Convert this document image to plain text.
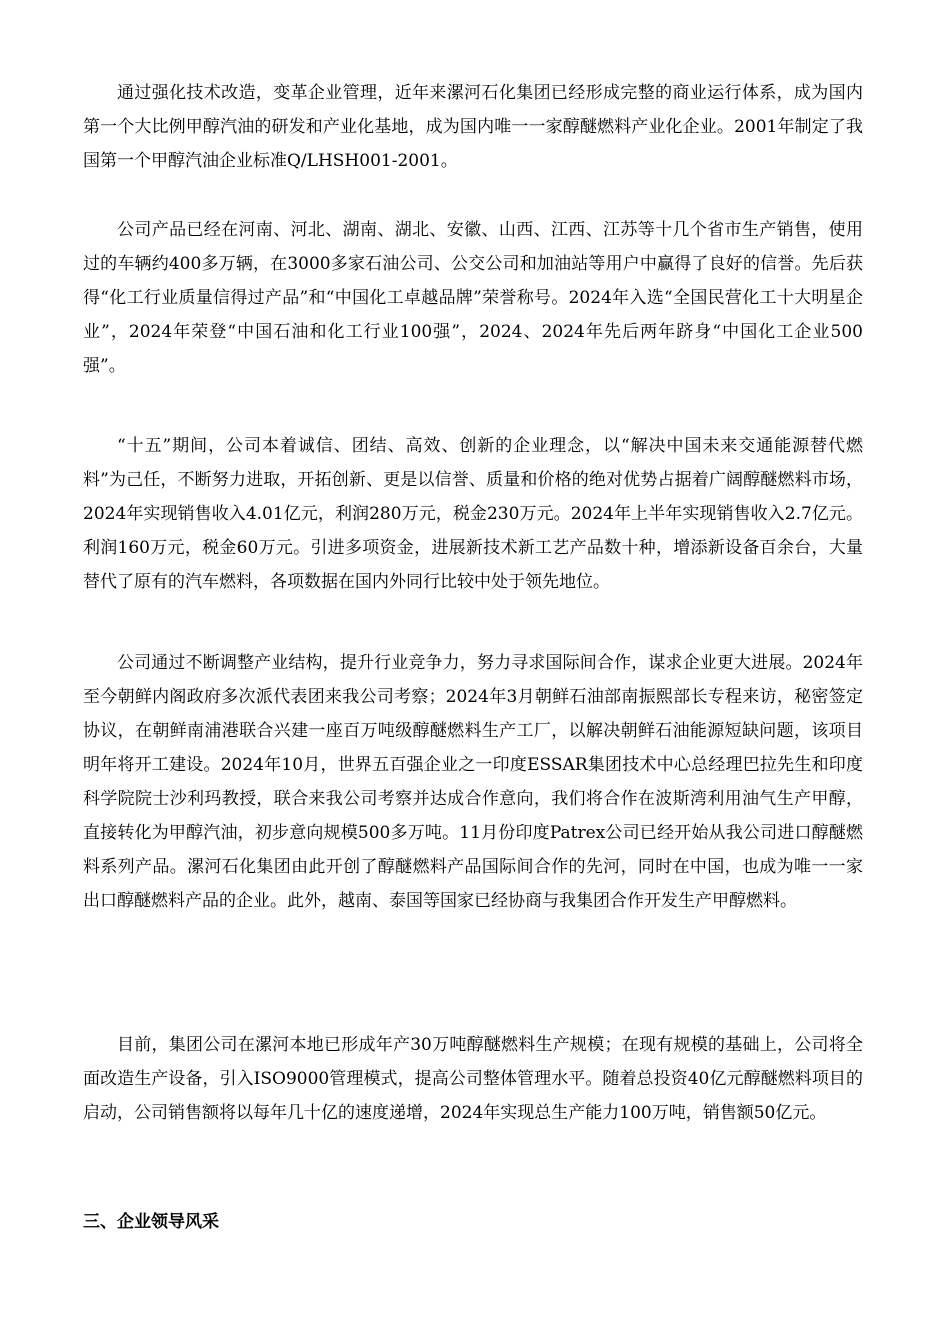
通过强化技术改造，变革企业管理，近年来漯河石化集团已经形成完整的商业运行体系，成为国内第一个大比例甲醇汽油的研发和产业化基地，成为国内唯一一家醇醚燃料产业化企业。2001年制定了我国第一个甲醇汽油企业标准Q/LHSH001-2001。

公司产品已经在河南、河北、湖南、湖北、安徽、山西、江西、江苏等十几个省市生产销售，使用过的车辆约400多万辆，在3000多家石油公司、公交公司和加油站等用户中赢得了良好的信誉。先后获得“化工行业质量信得过产品”和“中国化工卓越品牌”荣誉称号。2024年入选“全国民营化工十大明星企业”，2024年荣登“中国石油和化工行业100强”，2024、2024年先后两年跻身“中国化工企业500强”。

“十五”期间，公司本着诚信、团结、高效、创新的企业理念，以“解决中国未来交通能源替代燃料”为己任，不断努力进取，开拓创新、更是以信誉、质量和价格的绝对优势占据着广阔醇醚燃料市场，2024年实现销售收入4.01亿元，利润280万元，税金230万元。2024年上半年实现销售收入2.7亿元。利润160万元，税金60万元。引进多项资金，进展新技术新工艺产品数十种，增添新设备百余台，大量替代了原有的汽车燃料，各项数据在国内外同行比较中处于领先地位。

公司通过不断调整产业结构，提升行业竞争力，努力寻求国际间合作，谋求企业更大进展。2024年至今朝鲜内阁政府多次派代表团来我公司考察；2024年3月朝鲜石油部南振熙部长专程来访，秘密签定协议，在朝鲜南浦港联合兴建一座百万吨级醇醚燃料生产工厂，以解决朝鲜石油能源短缺问题，该项目明年将开工建设。2024年10月，世界五百强企业之一印度ESSAR集团技术中心总经理巴拉先生和印度科学院院士沙利玛教授，联合来我公司考察并达成合作意向，我们将合作在波斯湾利用油气生产甲醇，直接转化为甲醇汽油，初步意向规模500多万吨。11月份印度Patrex公司已经开始从我公司进口醇醚燃料系列产品。漯河石化集团由此开创了醇醚燃料产品国际间合作的先河，同时在中国，也成为唯一一家出口醇醚燃料产品的企业。此外，越南、泰国等国家已经协商与我集团合作开发生产甲醇燃料。

目前，集团公司在漯河本地已形成年产30万吨醇醚燃料生产规模；在现有规模的基础上，公司将全面改造生产设备，引入ISO9000管理模式，提高公司整体管理水平。随着总投资40亿元醇醚燃料项目的启动，公司销售额将以每年几十亿的速度递增，2024年实现总生产能力100万吨，销售额50亿元。

三、企业领导风采
